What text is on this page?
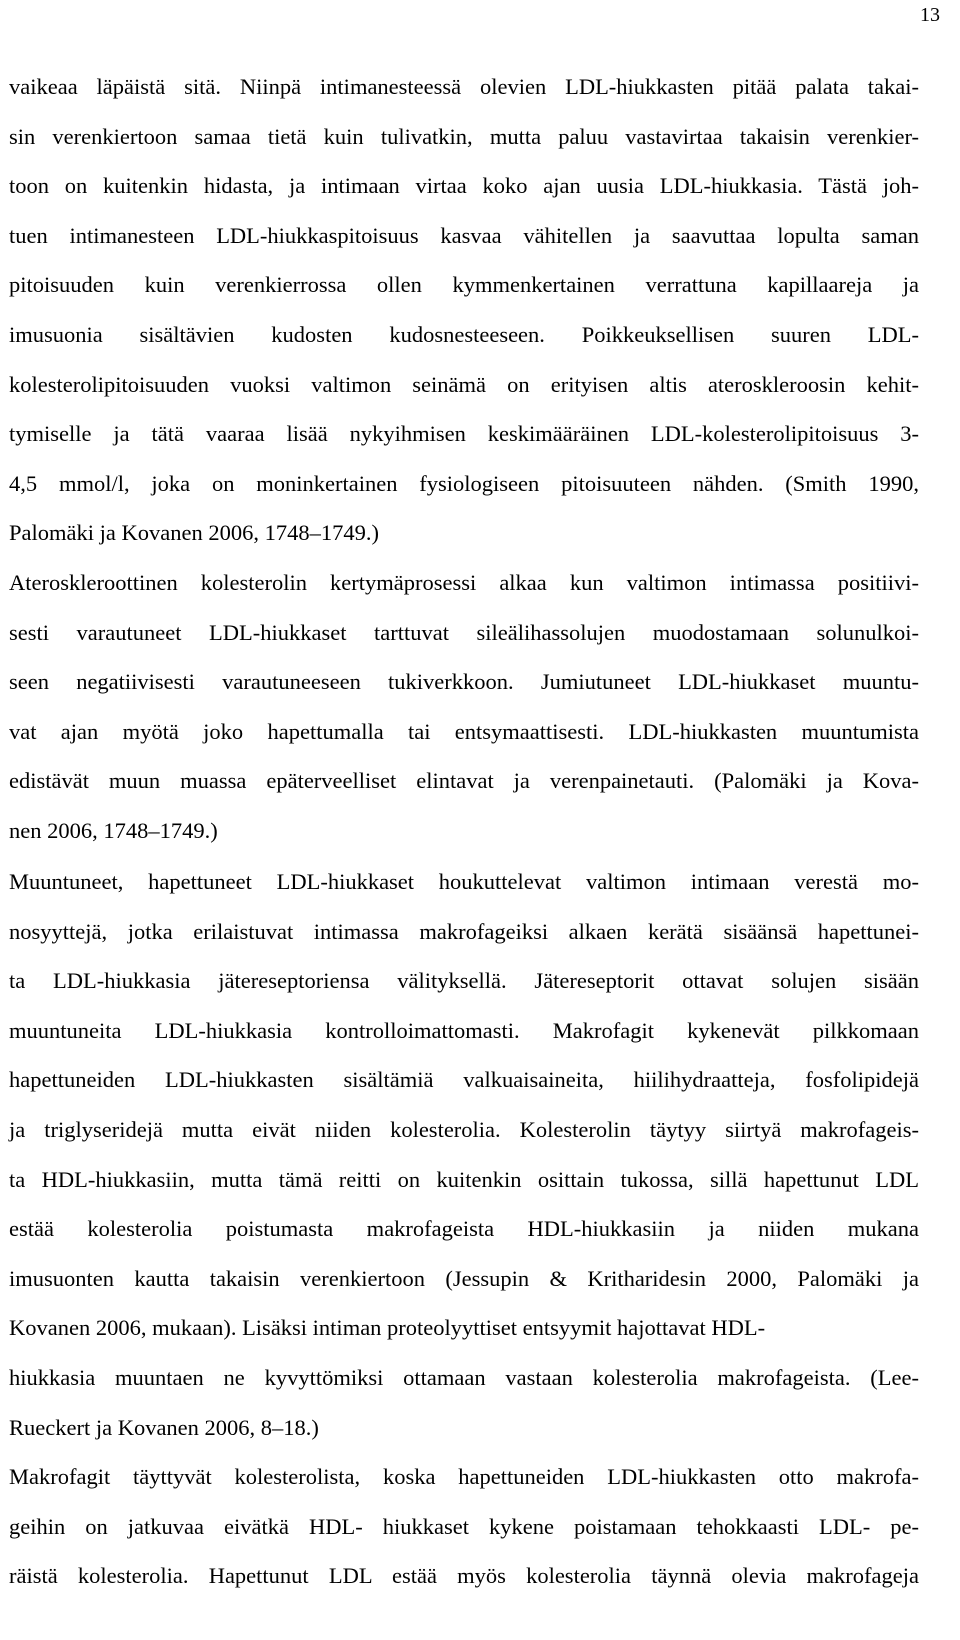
13
vaikeaa läpäistä sitä. Niinpä intimanesteessä olevien LDL-hiukkasten pitää palata takai-
sin verenkiertoon samaa tietä kuin tulivatkin, mutta paluu vastavirtaa takaisin verenkier-
toon on kuitenkin hidasta, ja intimaan virtaa koko ajan uusia LDL-hiukkasia. Tästä joh-
tuen intimanesteen LDL-hiukkaspitoisuus kasvaa vähitellen ja saavuttaa lopulta saman
pitoisuuden kuin verenkierrossa ollen kymmenkertainen verrattuna kapillaareja ja
imusuonia sisältävien kudosten kudosnesteeseen. Poikkeuksellisen suuren LDL-
kolesterolipitoisuuden vuoksi valtimon seinämä on erityisen altis ateroskleroosin kehit-
tymiselle ja tätä vaaraa lisää nykyihmisen keskimääräinen LDL-kolesterolipitoisuus 3-
4,5 mmol/l, joka on moninkertainen fysiologiseen pitoisuuteen nähden. (Smith 1990,
Palomäki ja Kovanen 2006, 1748–1749.)
Ateroskleroottinen kolesterolin kertymäprosessi alkaa kun valtimon intimassa positiivi-
sesti varautuneet LDL-hiukkaset tarttuvat sileälihassolujen muodostamaan solunulkoi-
seen negatiivisesti varautuneeseen tukiverkkoon. Jumiutuneet LDL-hiukkaset muuntu-
vat ajan myötä joko hapettumalla tai entsymaattisesti. LDL-hiukkasten muuntumista
edistävät muun muassa epäterveelliset elintavat ja verenpainetauti. (Palomäki ja Kova-
nen 2006, 1748–1749.)
Muuntuneet, hapettuneet LDL-hiukkaset houkuttelevat valtimon intimaan verestä mo-
nosyyttejä, jotka erilaistuvat intimassa makrofageiksi alkaen kerätä sisäänsä hapettunei-
ta LDL-hiukkasia jätereseptoriensa välityksellä. Jätereseptorit ottavat solujen sisään
muuntuneita LDL-hiukkasia kontrolloimattomasti. Makrofagit kykenevät pilkkomaan
hapettuneiden LDL-hiukkasten sisältämiä valkuaisaineita, hiilihydraatteja, fosfolipidejä
ja triglyseridejä mutta eivät niiden kolesterolia. Kolesterolin täytyy siirtyä makrofageis-
ta HDL-hiukkasiin, mutta tämä reitti on kuitenkin osittain tukossa, sillä hapettunut LDL
estää kolesterolia poistumasta makrofageista HDL-hiukkasiin ja niiden mukana
imusuonten kautta takaisin verenkiertoon (Jessupin & Kritharidesin 2000, Palomäki ja
Kovanen 2006, mukaan). Lisäksi intiman proteolyyttiset entsyymit hajottavat HDL-
hiukkasia muuntaen ne kyvyttömiksi ottamaan vastaan kolesterolia makrofageista. (Lee-
Rueckert ja Kovanen 2006, 8–18.)
Makrofagit täyttyvät kolesterolista, koska hapettuneiden LDL-hiukkasten otto makrofa-
geihin on jatkuvaa eivätkä HDL- hiukkaset kykene poistamaan tehokkaasti LDL- pe-
räistä kolesterolia. Hapettunut LDL estää myös kolesterolia täynnä olevia makrofageja
